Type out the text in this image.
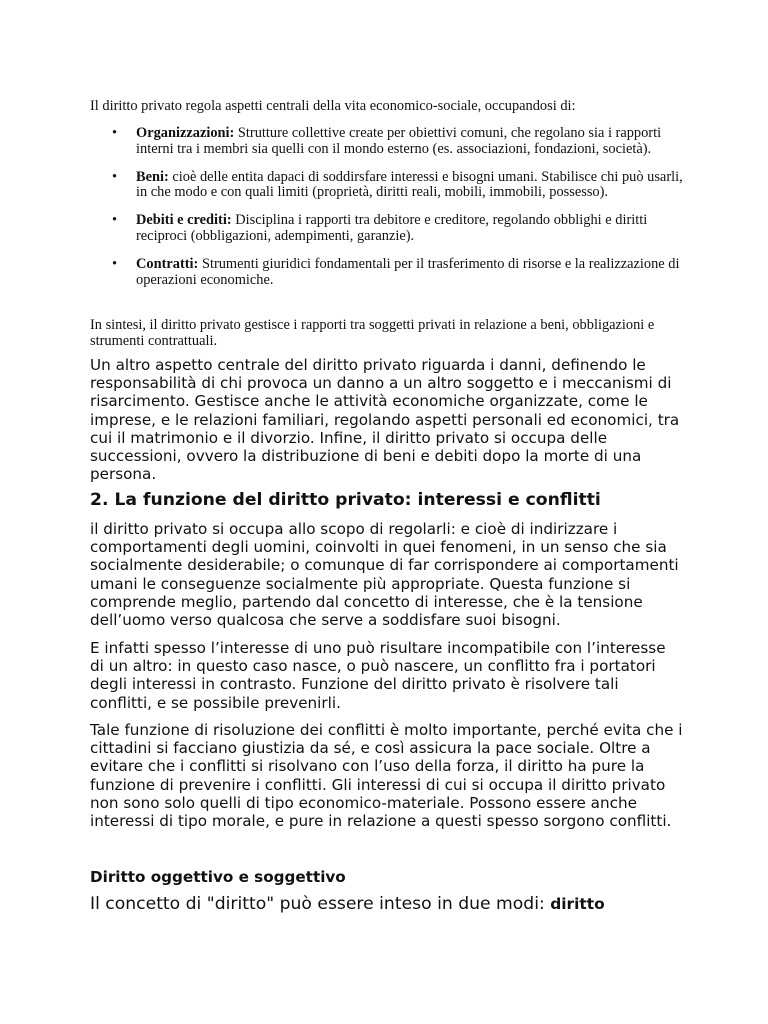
Il diritto privato regola aspetti centrali della vita economico-sociale, occupandosi di:

• Organizzazioni: Strutture collettive create per obiettivi comuni, che regolano sia i rapporti interni tra i membri sia quelli con il mondo esterno (es. associazioni, fondazioni, società).
• Beni: cioè delle entita dapaci di soddirsfare interessi e bisogni umani. Stabilisce chi può usarli, in che modo e con quali limiti (proprietà, diritti reali, mobili, immobili, possesso).
• Debiti e crediti: Disciplina i rapporti tra debitore e creditore, regolando obblighi e diritti reciproci (obbligazioni, adempimenti, garanzie).
• Contratti: Strumenti giuridici fondamentali per il trasferimento di risorse e la realizzazione di operazioni economiche.

In sintesi, il diritto privato gestisce i rapporti tra soggetti privati in relazione a beni, obbligazioni e strumenti contrattuali.

Un altro aspetto centrale del diritto privato riguarda i danni, definendo le responsabilità di chi provoca un danno a un altro soggetto e i meccanismi di risarcimento. Gestisce anche le attività economiche organizzate, come le imprese, e le relazioni familiari, regolando aspetti personali ed economici, tra cui il matrimonio e il divorzio. Infine, il diritto privato si occupa delle successioni, ovvero la distribuzione di beni e debiti dopo la morte di una persona.

2. La funzione del diritto privato: interessi e conflitti

il diritto privato si occupa allo scopo di regolarli: e cioè di indirizzare i comportamenti degli uomini, coinvolti in quei fenomeni, in un senso che sia socialmente desiderabile; o comunque di far corrispondere ai comportamenti umani le conseguenze socialmente più appropriate. Questa funzione si comprende meglio, partendo dal concetto di interesse, che è la tensione dell’uomo verso qualcosa che serve a soddisfare suoi bisogni.

E infatti spesso l’interesse di uno può risultare incompatibile con l’interesse di un altro: in questo caso nasce, o può nascere, un conflitto fra i portatori degli interessi in contrasto. Funzione del diritto privato è risolvere tali conflitti, e se possibile prevenirli.

Tale funzione di risoluzione dei conflitti è molto importante, perché evita che i cittadini si facciano giustizia da sé, e così assicura la pace sociale. Oltre a evitare che i conflitti si risolvano con l’uso della forza, il diritto ha pure la funzione di prevenire i conflitti. Gli interessi di cui si occupa il diritto privato non sono solo quelli di tipo economico-materiale. Possono essere anche interessi di tipo morale, e pure in relazione a questi spesso sorgono conflitti.

Diritto oggettivo e soggettivo

Il concetto di "diritto" può essere inteso in due modi: diritto
